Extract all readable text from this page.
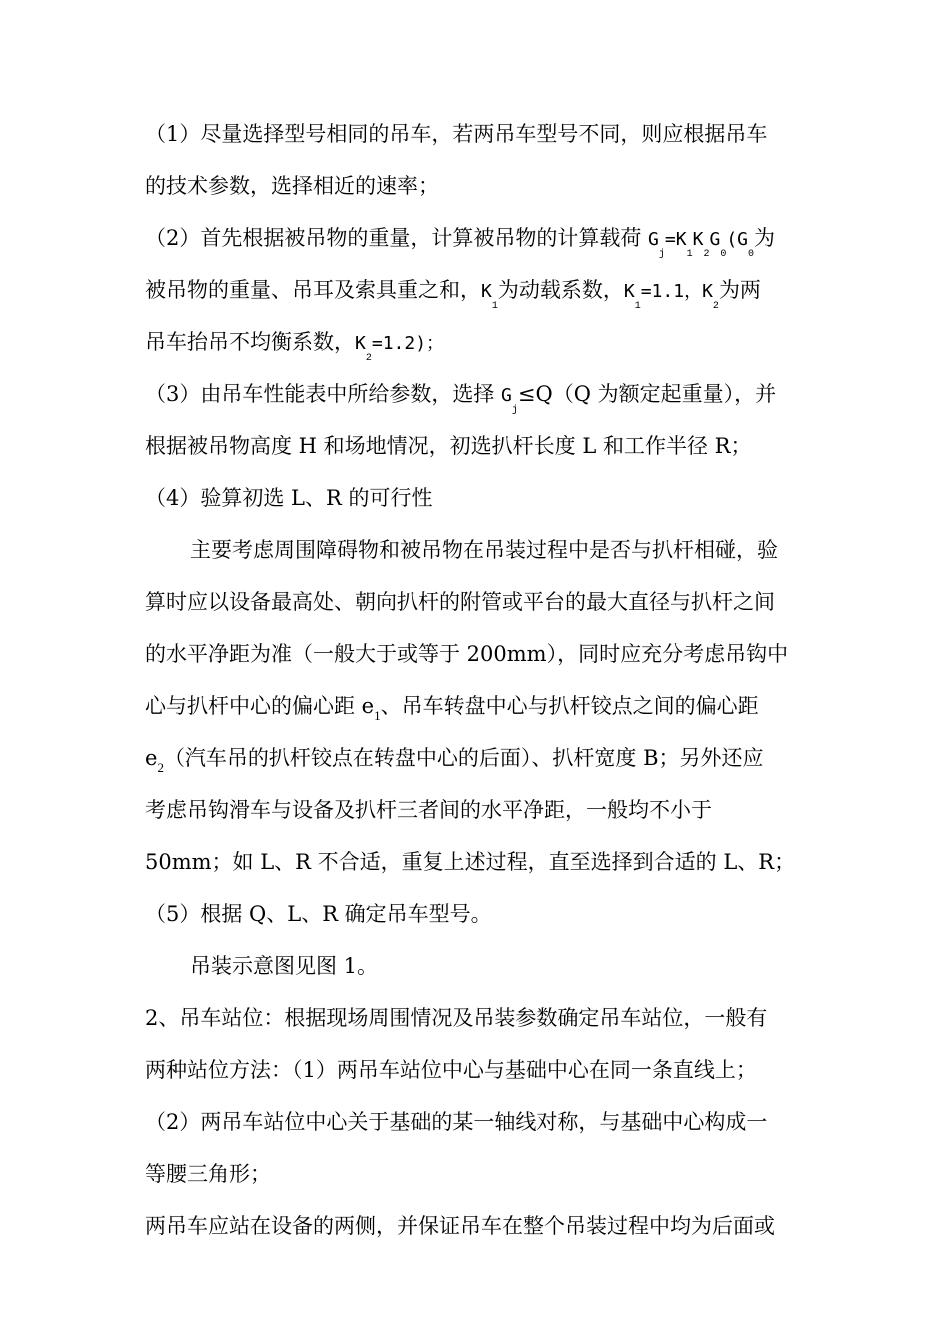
（1）尽量选择型号相同的吊车，若两吊车型号不同，则应根据吊车
的技术参数，选择相近的速率；
（2）首先根据被吊物的重量，计算被吊物的计算载荷 $G_j=K_1K_2G_0(G_0$为
被吊物的重量、吊耳及索具重之和，$K_1$为动载系数，$K_1=1.1$，$K_2$为两
吊车抬吊不均衡系数，$K_2=1.2$)；
（3）由吊车性能表中所给参数，选择 $G_j\le Q(Q$ 为额定起重量），并
根据被吊物高度 H 和场地情况，初选扒杆长度 L 和工作半径 R；
（4）验算初选 L、R 的可行性
主要考虑周围障碍物和被吊物在吊装过程中是否与扒杆相碰，验
算时应以设备最高处、朝向扒杆的附管或平台的最大直径与扒杆之间
的水平净距为准（一般大于或等于 200mm），同时应充分考虑吊钩中
心与扒杆中心的偏心距 $e_1$、吊车转盘中心与扒杆铰点之间的偏心距
$e_2$（汽车吊的扒杆铰点在转盘中心的后面）、扒杆宽度 B；另外还应
考虑吊钩滑车与设备及扒杆三者间的水平净距，一般均不小于
50mm；如 L、R 不合适，重复上述过程，直至选择到合适的 L、R；
（5）根据 Q、L、R 确定吊车型号。
吊装示意图见图 1。
2、吊车站位：根据现场周围情况及吊装参数确定吊车站位，一般有
两种站位方法：（1）两吊车站位中心与基础中心在同一条直线上；
（2）两吊车站位中心关于基础的某一轴线对称，与基础中心构成一
等腰三角形；
两吊车应站在设备的两侧，并保证吊车在整个吊装过程中均为后面或
